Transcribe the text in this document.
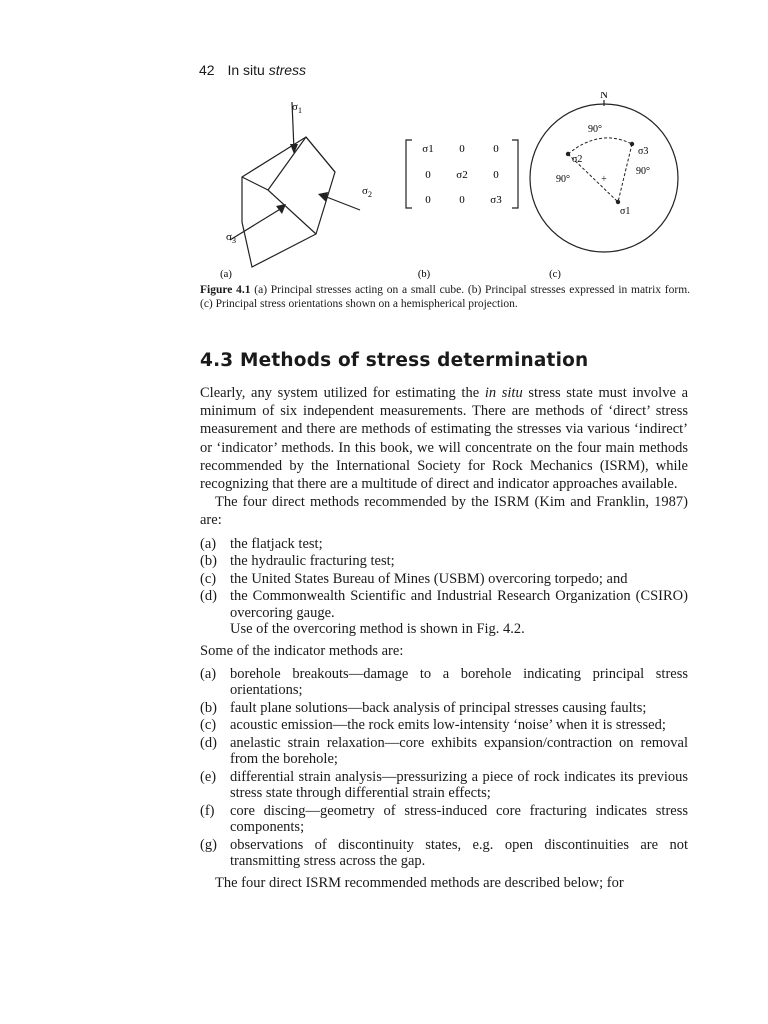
42 In situ stress
$\sigma_1$
$\sigma_2$
$\sigma_3$
σ1 0	0
0 σ2 0
0	0 σ3
N
+
90°
90°
90°
σ2
σ3
σ1
(a)	(b)	(c)
Figure 4.1 (a) Principal stresses acting on a small cube. (b) Principal stresses expressed in matrix form. (c) Principal stress orientations shown on a hemispherical projection.
4.3 Methods of stress determination

Clearly, any system utilized for estimating the in situ stress state must involve a minimum of six independent measurements. There are methods of ‘direct’ stress measurement and there are methods of estimating the stresses via various ‘indirect’ or ‘indicator’ methods. In this book, we will concentrate on the four main methods recommended by the International Society for Rock Mechanics (ISRM), while recognizing that there are a multitude of direct and indicator approaches available.

The four direct methods recommended by the ISRM (Kim and Franklin, 1987) are:

(a) the flatjack test;
(b) the hydraulic fracturing test;
(c) the United States Bureau of Mines (USBM) overcoring torpedo; and
(d) the Commonwealth Scientific and Industrial Research Organization (CSIRO) overcoring gauge.
Use of the overcoring method is shown in Fig. 4.2.

Some of the indicator methods are:

(a) borehole breakouts—damage to a borehole indicating principal stress orientations;
(b) fault plane solutions—back analysis of principal stresses causing faults;
(c) acoustic emission—the rock emits low-intensity ‘noise’ when it is stressed;
(d) anelastic strain relaxation—core exhibits expansion/contraction on removal from the borehole;
(e) differential strain analysis—pressurizing a piece of rock indicates its previous stress state through differential strain effects;
(f) core discing—geometry of stress-induced core fracturing indicates stress components;
(g) observations of discontinuity states, e.g. open discontinuities are not transmitting stress across the gap.

The four direct ISRM recommended methods are described below; for
